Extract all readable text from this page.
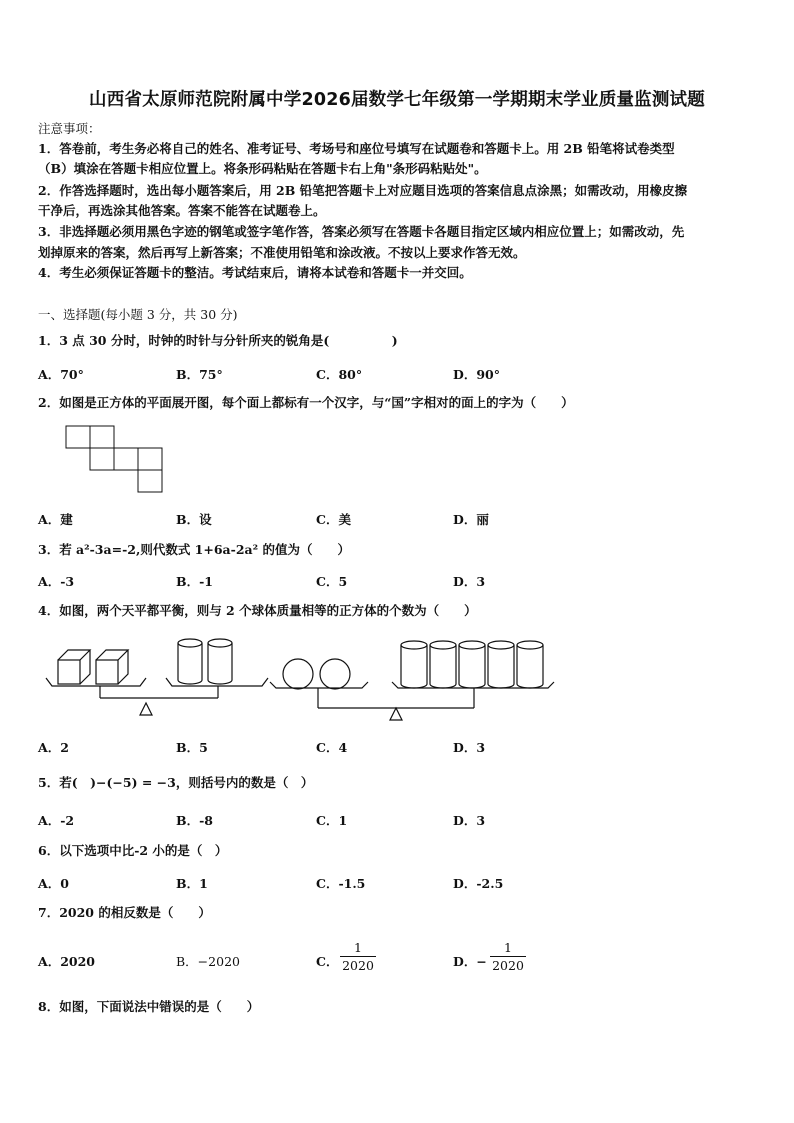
山西省太原师范院附属中学2026届数学七年级第一学期期末学业质量监测试题
注意事项：
1．答卷前，考生务必将自己的姓名、准考证号、考场号和座位号填写在试题卷和答题卡上。用 2B 铅笔将试卷类型
（B）填涂在答题卡相应位置上。将条形码粘贴在答题卡右上角"条形码粘贴处"。
2．作答选择题时，选出每小题答案后，用 2B 铅笔把答题卡上对应题目选项的答案信息点涂黑；如需改动，用橡皮擦
干净后，再选涂其他答案。答案不能答在试题卷上。
3．非选择题必须用黑色字迹的钢笔或签字笔作答，答案必须写在答题卡各题目指定区域内相应位置上；如需改动，先
划掉原来的答案，然后再写上新答案；不准使用铅笔和涂改液。不按以上要求作答无效。
4．考生必须保证答题卡的整洁。考试结束后，请将本试卷和答题卡一并交回。
一、选择题(每小题 3 分，共 30 分)
1．3 点 30 分时，时钟的时针与分针所夹的锐角是(　　　　　)
A．70°	B．75°	C．80°	D．90°
2．如图是正方体的平面展开图，每个面上都标有一个汉字，与“国”字相对的面上的字为（　　）
A．建	B．设	C．美	D．丽
3．若 a²-3a=-2,则代数式 1+6a-2a² 的值为（　　）
A．-3	B．-1	C．5	D．3
4．如图，两个天平都平衡，则与 2 个球体质量相等的正方体的个数为（　　）
A．2	B．5	C．4	D．3
5．若(　)−(−5) = −3，则括号内的数是（　）
A．-2	B．-8	C．1	D．3
6．以下选项中比-2 小的是（　）
A．0	B．1	C．-1.5	D．-2.5
7．2020 的相反数是（　　）
A．2020	B．−2020	C．
1
2020	D．−
1
2020
8．如图，下面说法中错误的是（　　）
